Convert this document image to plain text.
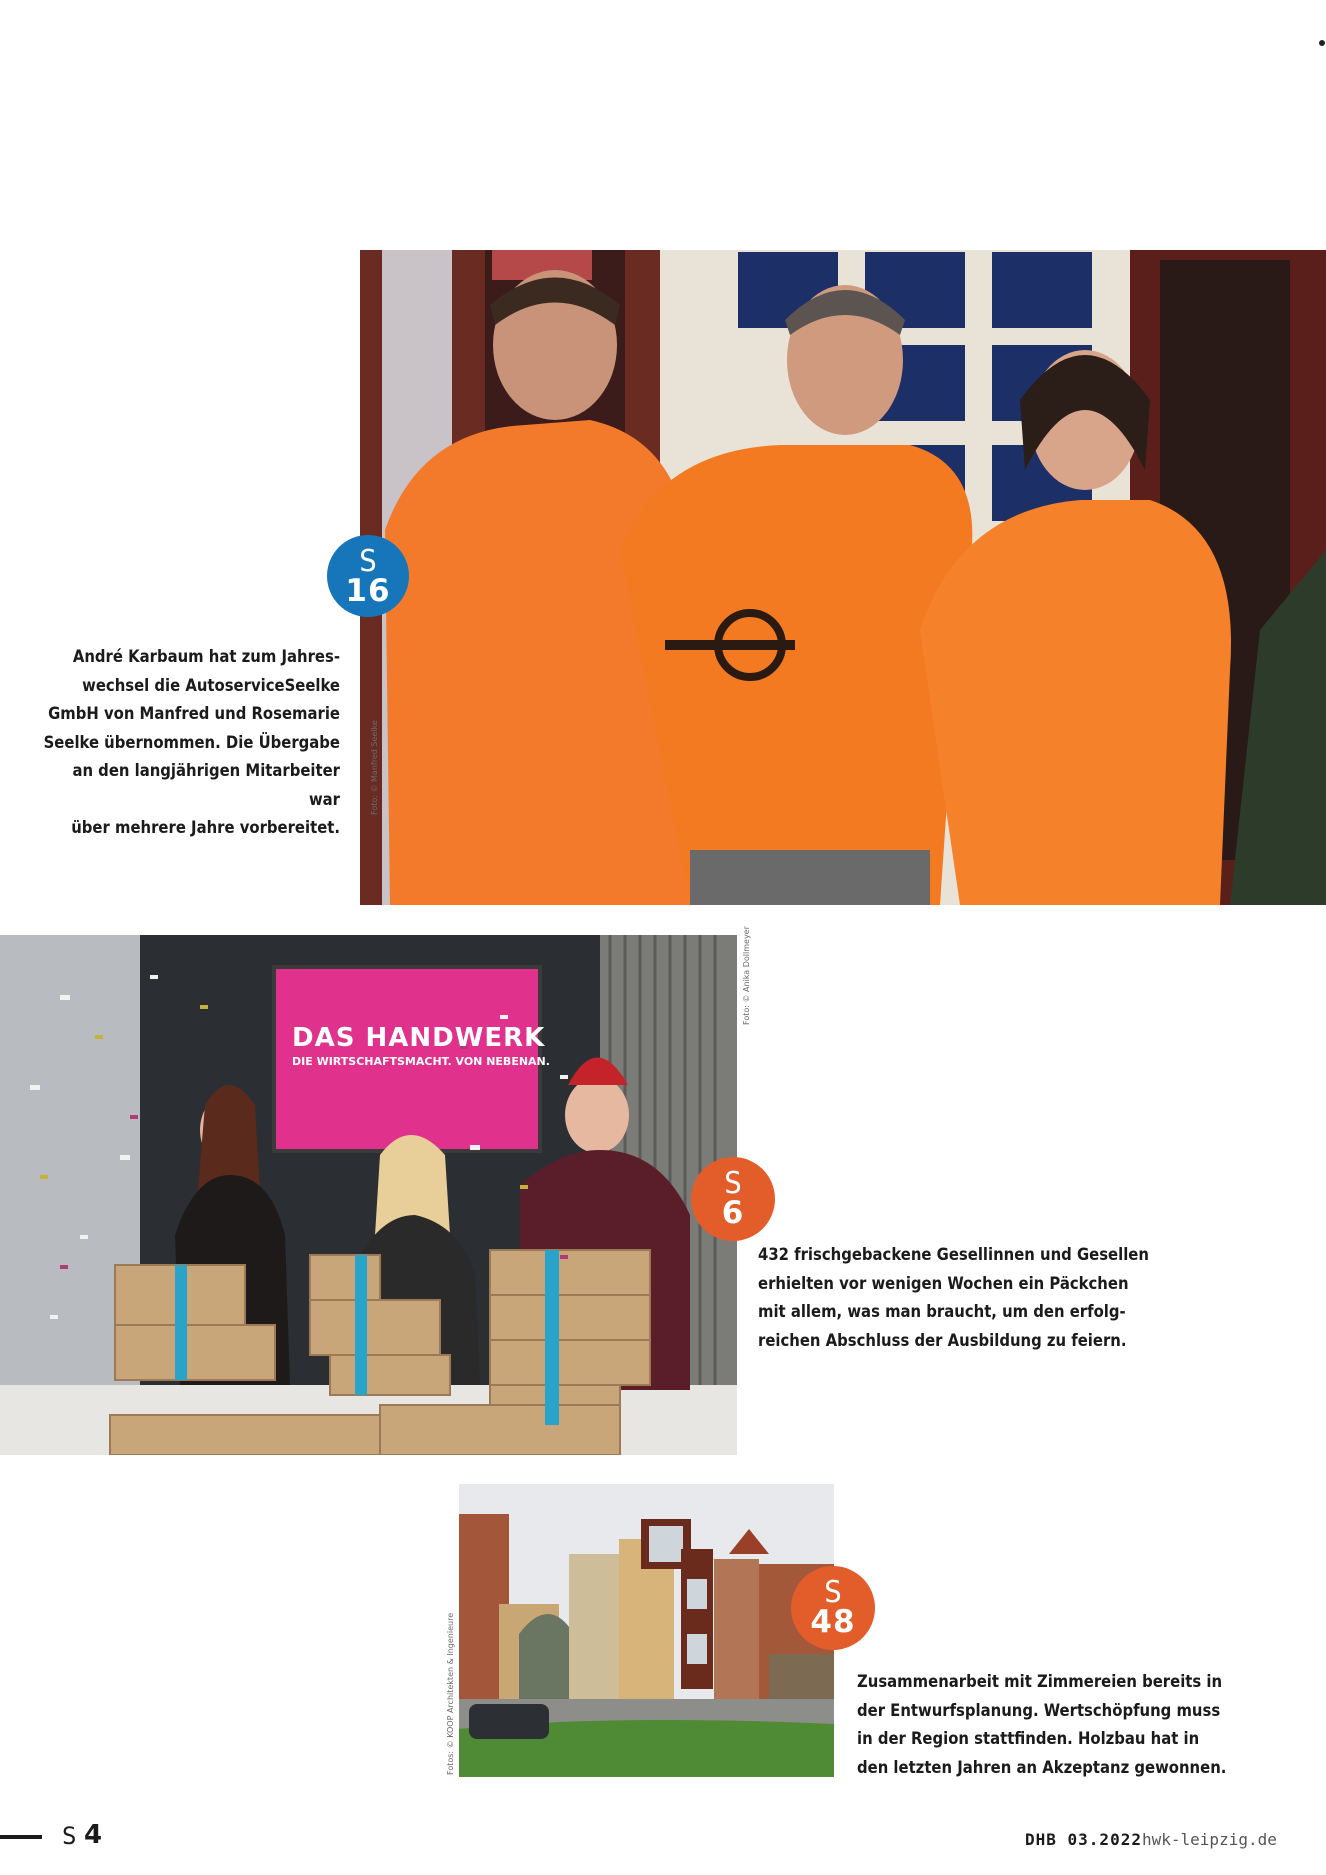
Foto: © Manfred Seelke
S
16
André Karbaum hat zum Jahres-
wechsel die AutoserviceSeelke
GmbH von Manfred und Rosemarie
Seelke übernommen. Die Übergabe
an den langjährigen Mitarbeiter war
über mehrere Jahre vorbereitet.
DAS HANDWERK
DIE WIRTSCHAFTSMACHT. VON NEBENAN.
Foto: © Anika Dollmeyer
S
6
432 frischgebackene Gesellinnen und Gesellen
erhielten vor wenigen Wochen ein Päckchen
mit allem, was man braucht, um den erfolg-
reichen Abschluss der Ausbildung zu feiern.
Fotos: © KOOP Architekten & Ingenieure
S
48
Zusammenarbeit mit Zimmereien bereits in
der Entwurfsplanung. Wertschöpfung muss
in der Region stattfinden. Holzbau hat in
den letzten Jahren an Akzeptanz gewonnen.
S 4	DHB 03.2022 hwk-leipzig.de
